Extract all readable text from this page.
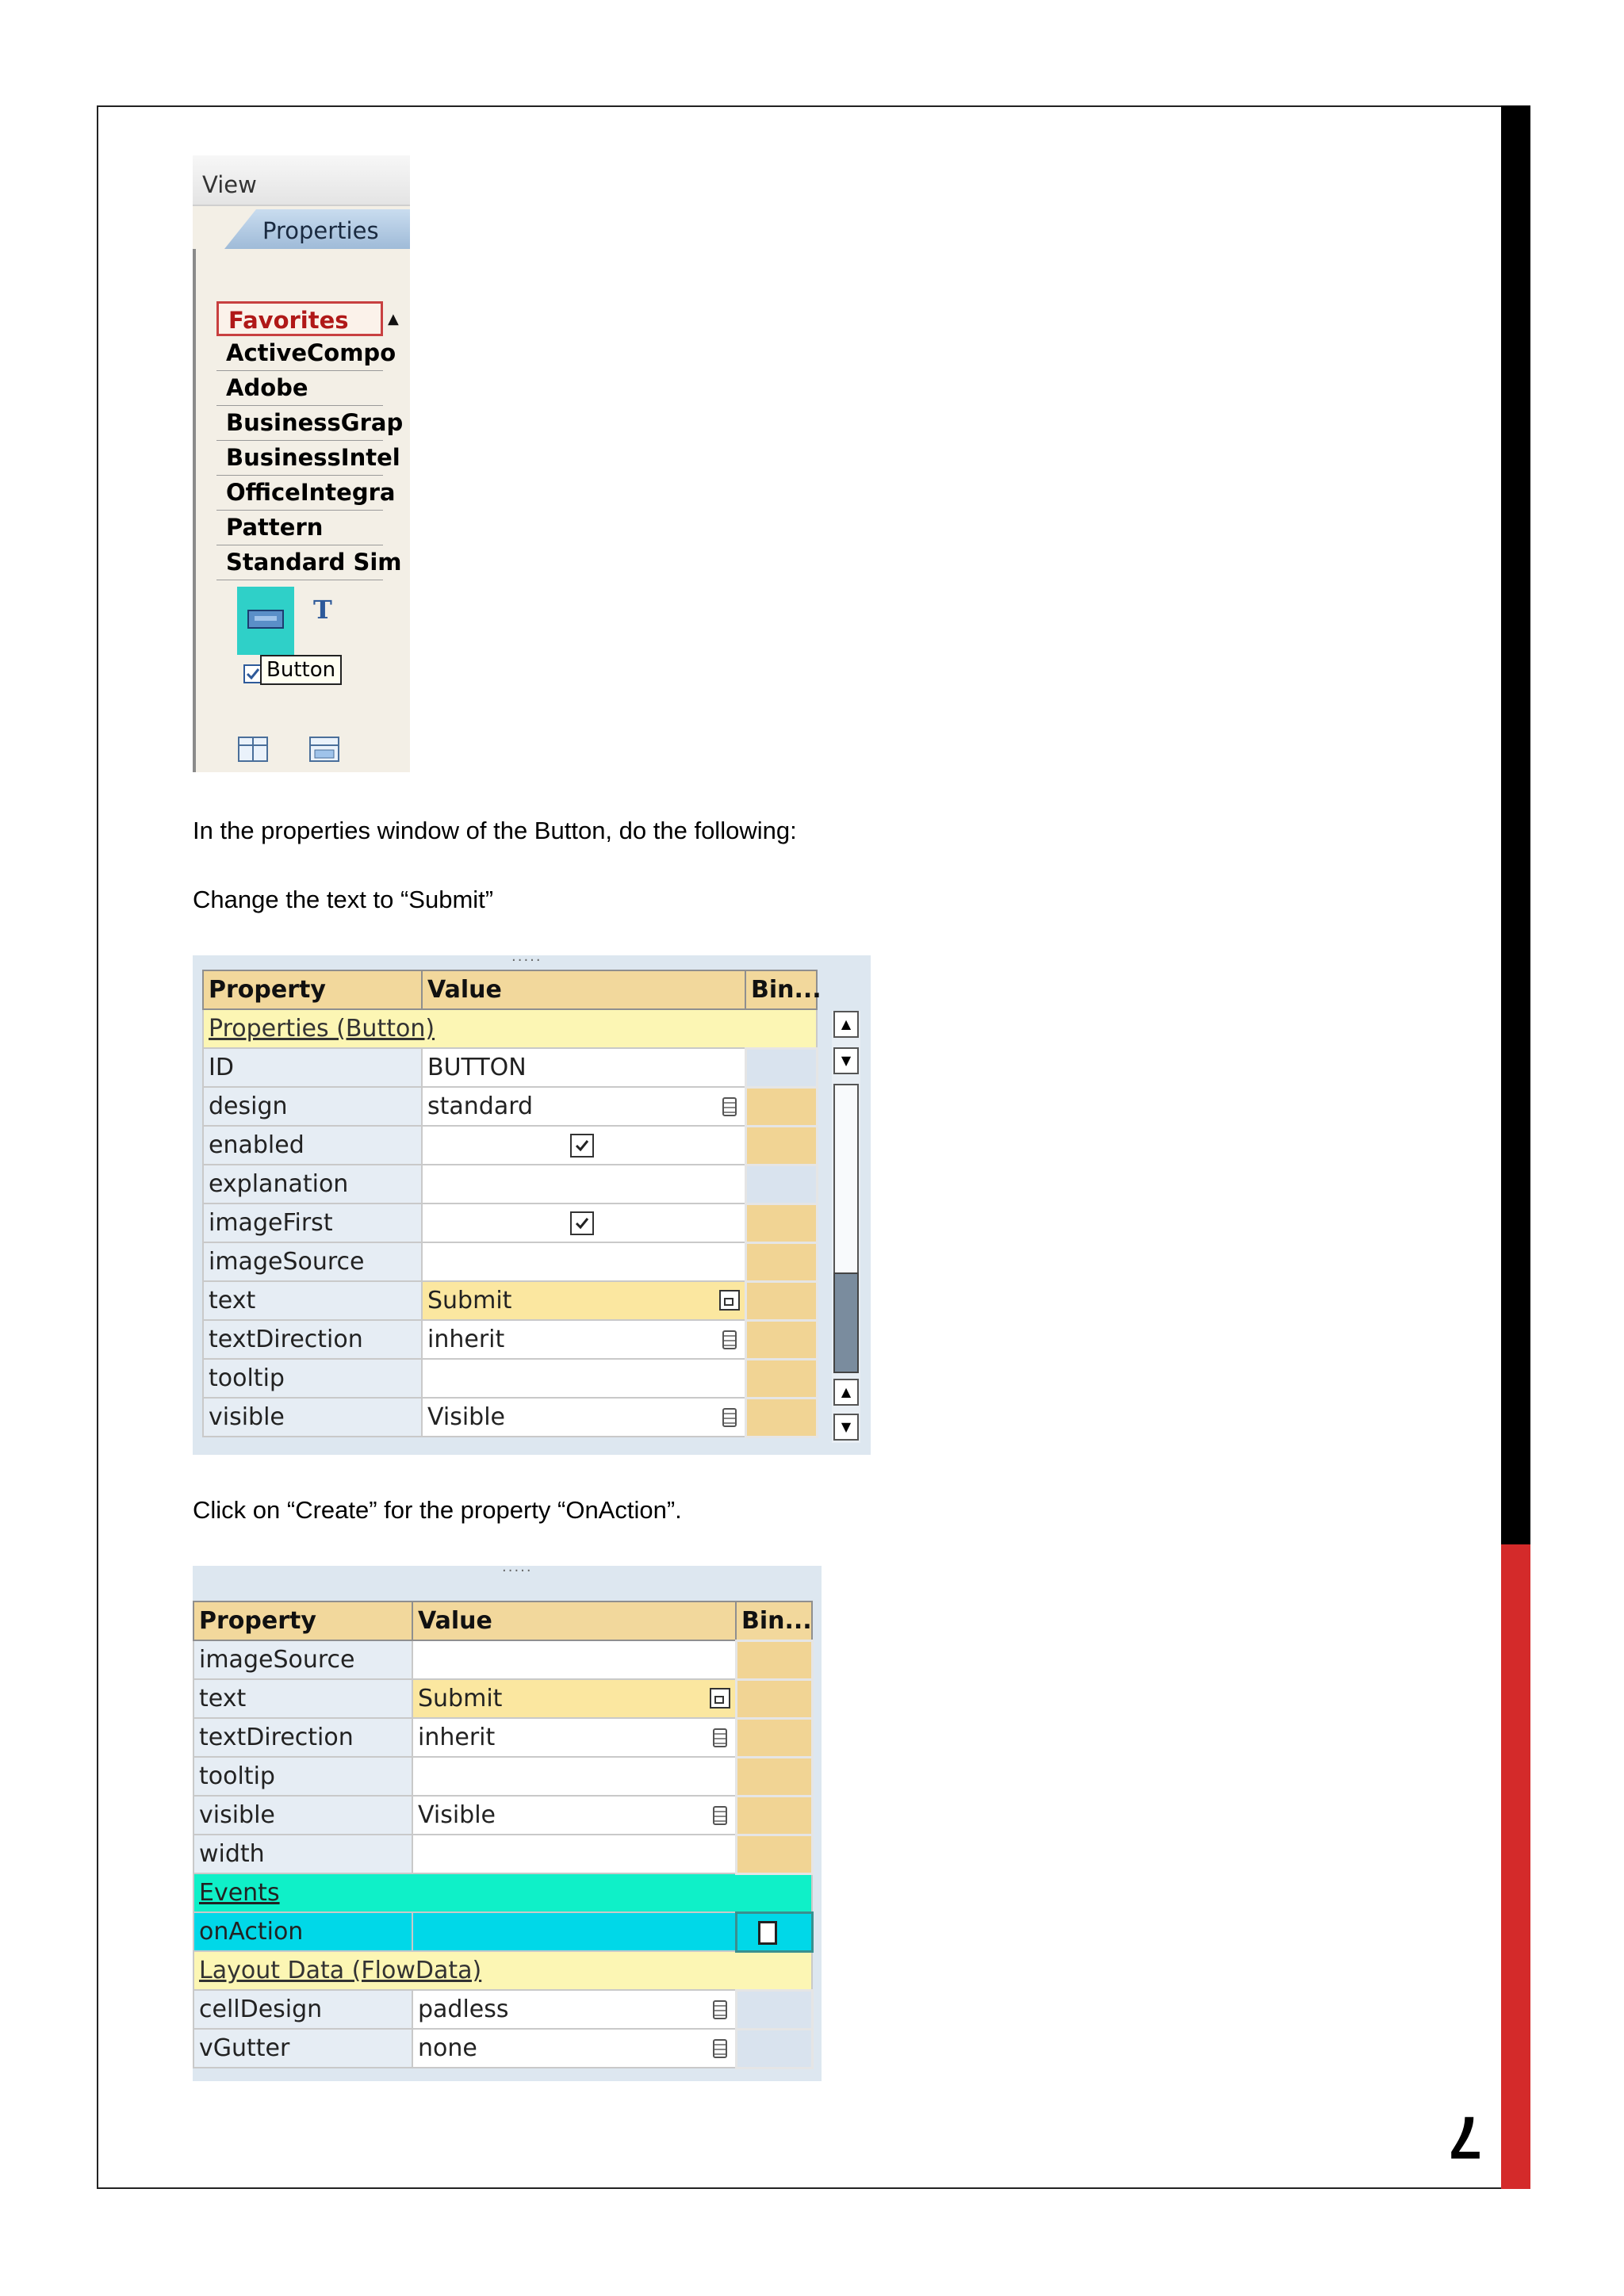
7
View
Properties
Favorites
ActiveCompo
Adobe
BusinessGrap
BusinessIntel
OfficeIntegra
Pattern
Standard Sim
▲
T
Button
In the properties window of the Button, do the following:
Change the text to “Submit”
·····
Property	Value	Bin...
Properties (Button)		
ID	BUTTON	
design	standard

enabled	

explanation		
imageFirst	

imageSource		
text	Submit

textDirection	inherit

tooltip		
visible	Visible

▲
▼
▲
▼
Click on “Create” for the property “OnAction”.
·····
Property	Value	Bin...
imageSource		
text	Submit

textDirection	inherit

tooltip		
visible	Visible

width		
Events		
onAction		

Layout Data (FlowData)		
cellDesign	padless

vGutter	none
